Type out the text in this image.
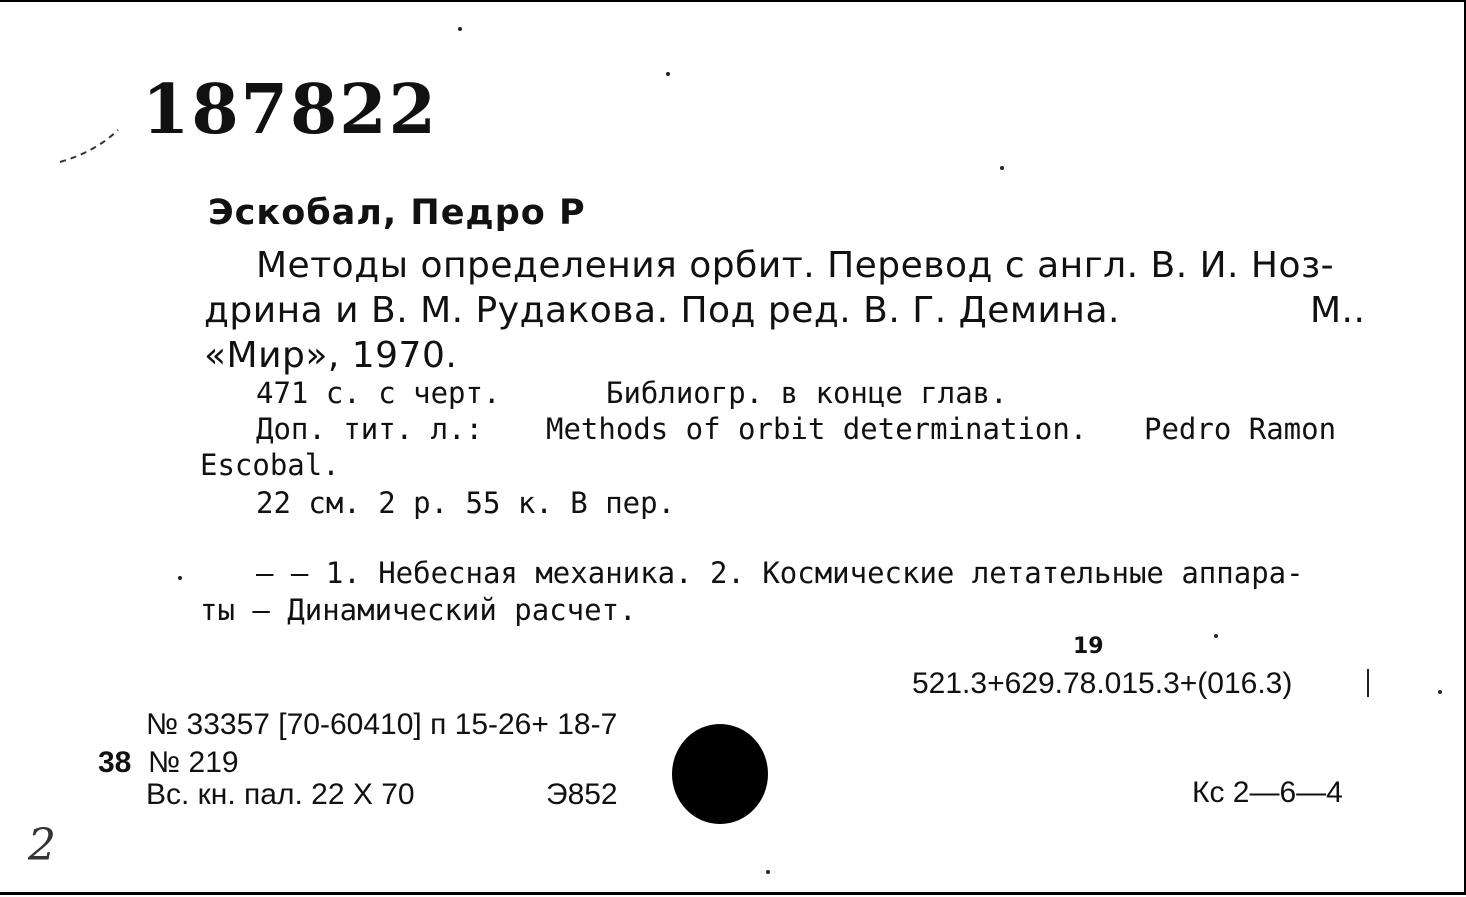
187822
Эскобал, Педро Р
Методы определения орбит. Перевод с англ. В. И. Ноз-
дрина и В. М. Рудакова. Под ред. В. Г. Демина.	М..
«Мир», 1970.
471 с. с черт.	Библиогр. в конце глав.
Доп. тит. л.: Methods of orbit determination. Pedro Ramon
Escobal.
22 см. 2 р. 55 к. В пер.
— — 1. Небесная механика. 2. Космические летательные аппара-
ты — Динамический расчет.
19
521.3+629.78.015.3+(016.3)
№ 33357 [70-60410] п 15-26+ 18-7
38 № 219
Вс. кн. пал. 22 Х 70	Э852	Кс 2—6—4
2
